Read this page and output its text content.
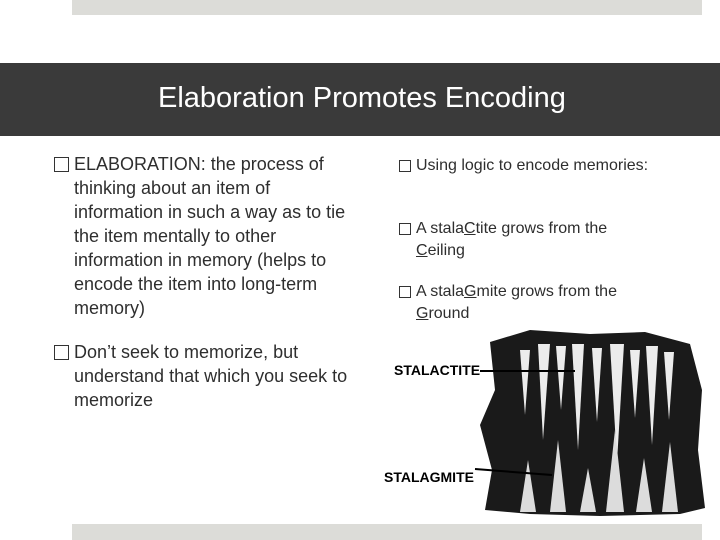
Elaboration Promotes Encoding
ELABORATION: the process of thinking about an item of information in such a way as to tie the item mentally to other information in memory (helps to encode the item into long-term memory)
Don’t seek to memorize, but understand that which you seek to memorize
Using logic to encode memories:
A stalaCtite grows from the
Ceiling
A stalaGmite grows from the
Ground
STALACTITE
STALAGMITE
